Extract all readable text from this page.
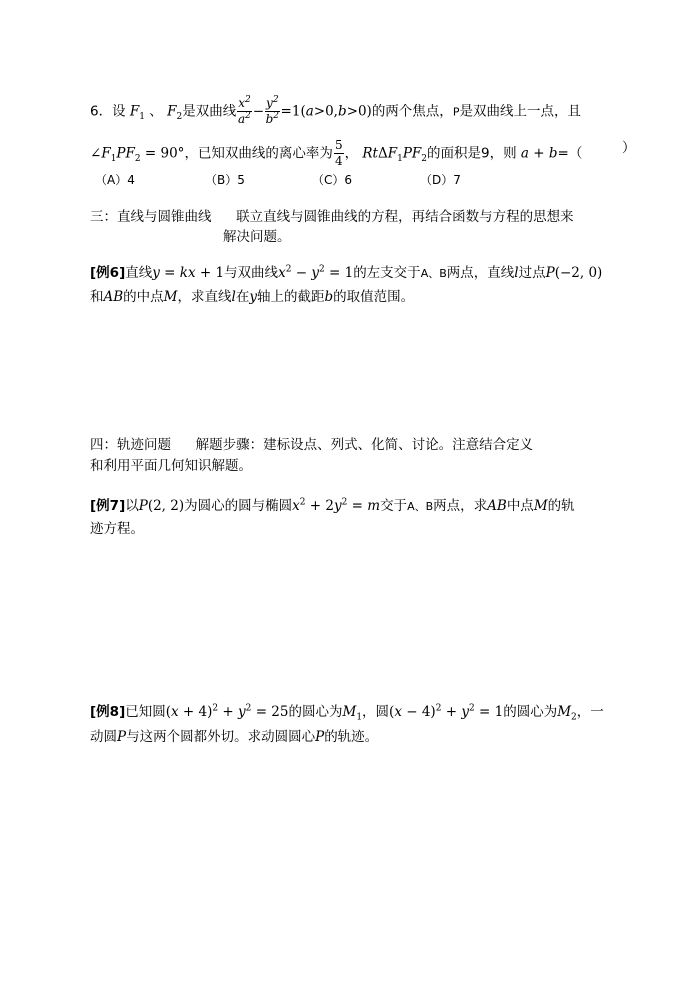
6．设 $F_1$ 、 $F_2$是双曲线 $\frac{x^2}{a^2} - \frac{y^2}{b^2} =1(a>0,b>0)$的两个焦点，P是双曲线上一点，且
$\angle F_1PF_2 = 90^\circ$，已知双曲线的离心率为 $\frac{5}{4}$ ， $Rt\Delta F_1PF_2$的面积是9，则 a + b=（	）
（A）4	（B）5	（C）6	（D）7
三：直线与圆锥曲线 联立直线与圆锥曲线的方程，再结合函数与方程的思想来
解决问题。
[例6]直线y = kx + 1与双曲线$x^2 - y^2 = 1$的左支交于A、B两点，直线l过点P(−2, 0)
和AB的中点M，求直线l在y轴上的截距b的取值范围。
四：轨迹问题 解题步骤：建标设点、列式、化简、讨论。注意结合定义
和利用平面几何知识解题。
[例7]以P(2, 2)为圆心的圆与椭圆$x^2 + 2y^2 = m$交于A、B两点，求AB中点M的轨
迹方程。
[例8]已知圆$(x + 4)^2 + y^2 = 25$的圆心为$M_1$，圆$(x - 4)^2 + y^2 = 1$的圆心为$M_2$，一
动圆P与这两个圆都外切。求动圆圆心P的轨迹。
